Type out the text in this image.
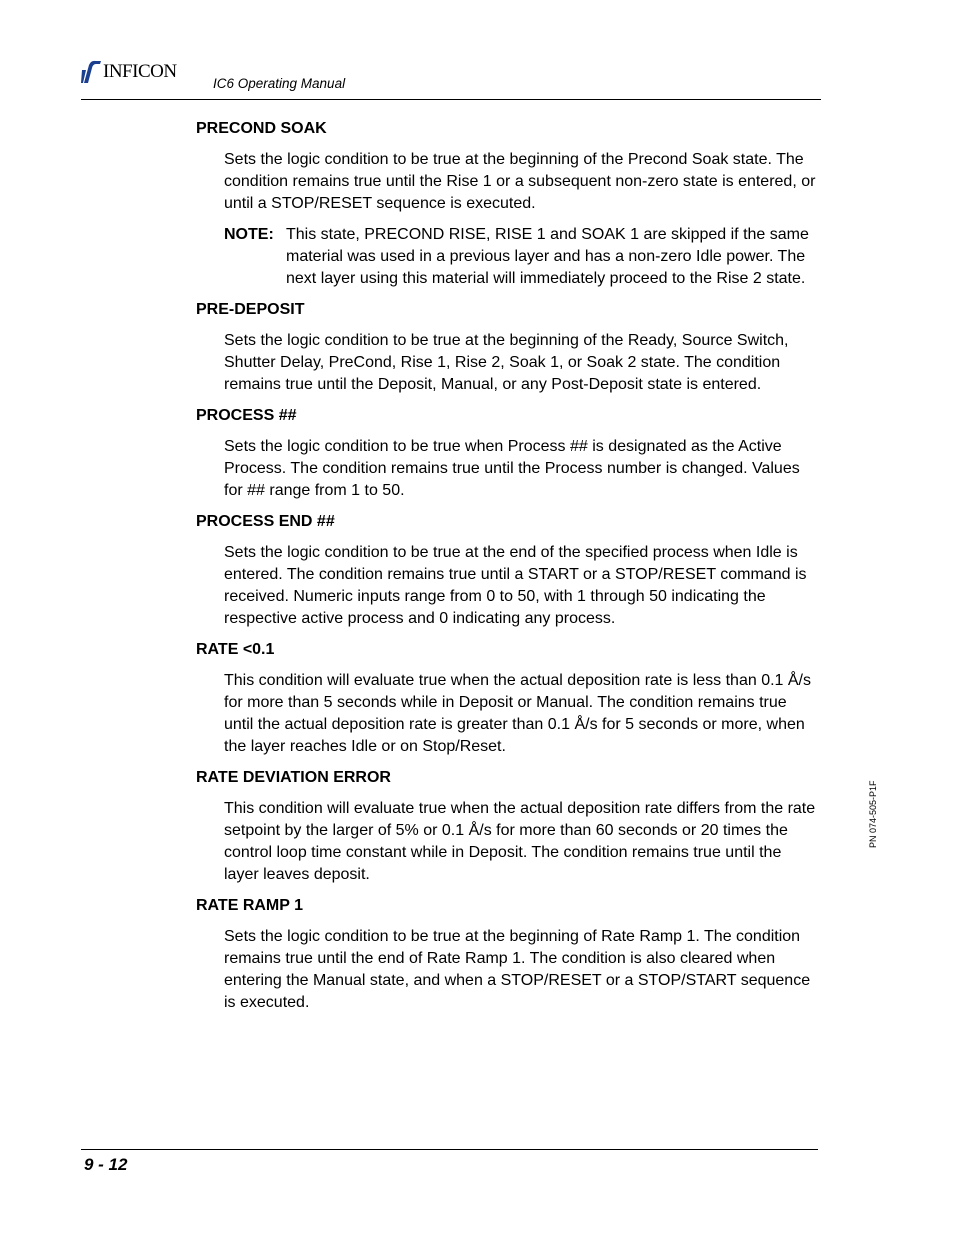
INFICON
IC6 Operating Manual
PRECOND SOAK

Sets the logic condition to be true at the beginning of the Precond Soak state. The condition remains true until the Rise 1 or a subsequent non-zero state is entered, or until a STOP/RESET sequence is executed.

NOTE: This state, PRECOND RISE, RISE 1 and SOAK 1 are skipped if the same material was used in a previous layer and has a non-zero Idle power. The next layer using this material will immediately proceed to the Rise 2 state.
PRE-DEPOSIT

Sets the logic condition to be true at the beginning of the Ready, Source Switch, Shutter Delay, PreCond, Rise 1, Rise 2, Soak 1, or Soak 2 state. The condition remains true until the Deposit, Manual, or any Post-Deposit state is entered.

PROCESS ##

Sets the logic condition to be true when Process ## is designated as the Active Process. The condition remains true until the Process number is changed. Values for ## range from 1 to 50.

PROCESS END ##

Sets the logic condition to be true at the end of the specified process when Idle is entered. The condition remains true until a START or a STOP/RESET command is received. Numeric inputs range from 0 to 50, with 1 through 50 indicating the respective active process and 0 indicating any process.

RATE <0.1

This condition will evaluate true when the actual deposition rate is less than 0.1 Å/s for more than 5 seconds while in Deposit or Manual. The condition remains true until the actual deposition rate is greater than 0.1 Å/s for 5 seconds or more, when the layer reaches Idle or on Stop/Reset.

RATE DEVIATION ERROR

This condition will evaluate true when the actual deposition rate differs from the rate setpoint by the larger of 5% or 0.1 Å/s for more than 60 seconds or 20 times the control loop time constant while in Deposit. The condition remains true until the layer leaves deposit.

RATE RAMP 1

Sets the logic condition to be true at the beginning of Rate Ramp 1. The condition remains true until the end of Rate Ramp 1. The condition is also cleared when entering the Manual state, and when a STOP/RESET or a STOP/START sequence is executed.

PN 074-505-P1F
9 - 12
